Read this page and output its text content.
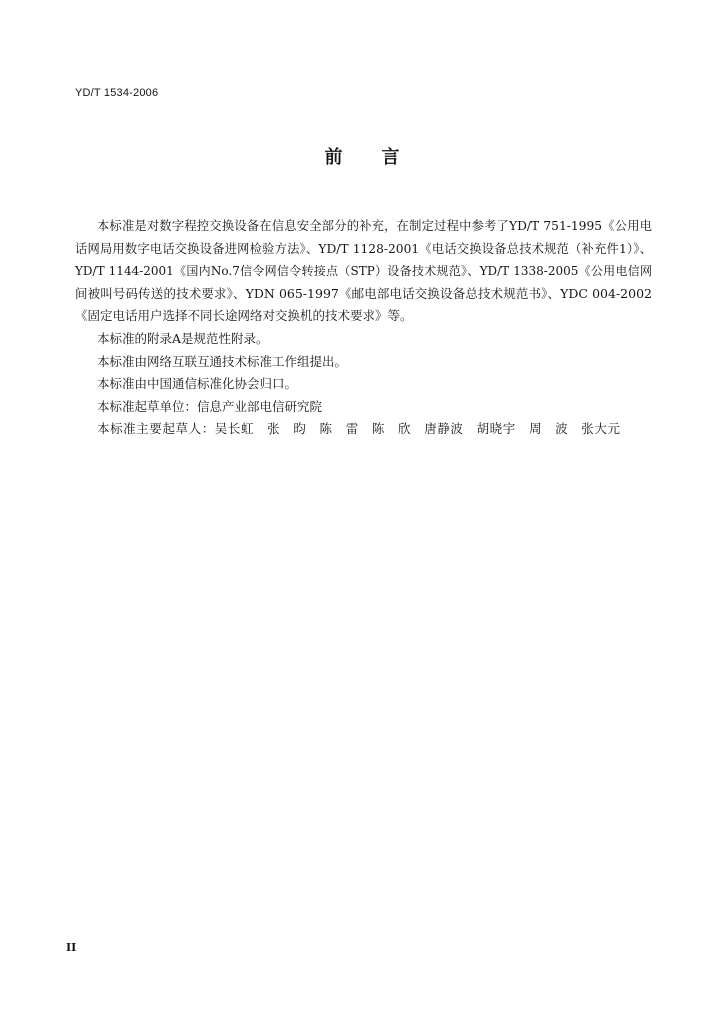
YD/T 1534-2006
前　　言
本标准是对数字程控交换设备在信息安全部分的补充，在制定过程中参考了YD/T 751-1995《公用电
话网局用数字电话交换设备进网检验方法》、YD/T 1128-2001《电话交换设备总技术规范（补充件1）》、
YD/T 1144-2001《国内No.7信令网信令转接点（STP）设备技术规范》、YD/T 1338-2005《公用电信网
间被叫号码传送的技术要求》、YDN 065-1997《邮电部电话交换设备总技术规范书》、YDC 004-2002
《固定电话用户选择不同长途网络对交换机的技术要求》等。
本标准的附录A是规范性附录。
本标准由网络互联互通技术标准工作组提出。
本标准由中国通信标准化协会归口。
本标准起草单位：信息产业部电信研究院
本标准主要起草人：吴长虹　张　昀　陈　雷　陈　欣　唐静波　胡晓宇　周　波　张大元
II
